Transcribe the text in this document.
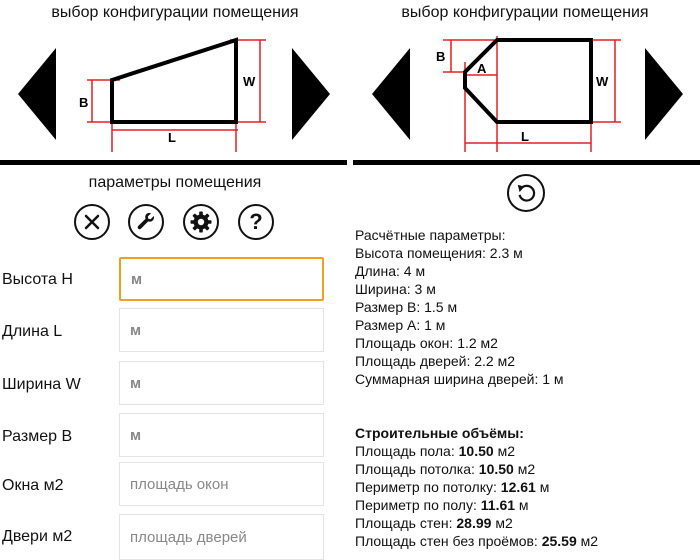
выбор конфигурации помещения
B
W
L
выбор конфигурации помещения
B
A
W
L
параметры помещения
?
Высота H
м
Длина L
м
Ширина W
м
Размер B
м
Окна м2
площадь окон
Двери м2
площадь дверей
Расчётные параметры:
Высота помещения: 2.3 м
Длина: 4 м
Ширина: 3 м
Размер B: 1.5 м
Размер A: 1 м
Площадь окон: 1.2 м2
Площадь дверей: 2.2 м2
Суммарная ширина дверей: 1 м
Строительные объёмы:
Площадь пола: 10.50 м2
Площадь потолка: 10.50 м2
Периметр по потолку: 12.61 м
Периметр по полу: 11.61 м
Площадь стен: 28.99 м2
Площадь стен без проёмов: 25.59 м2
